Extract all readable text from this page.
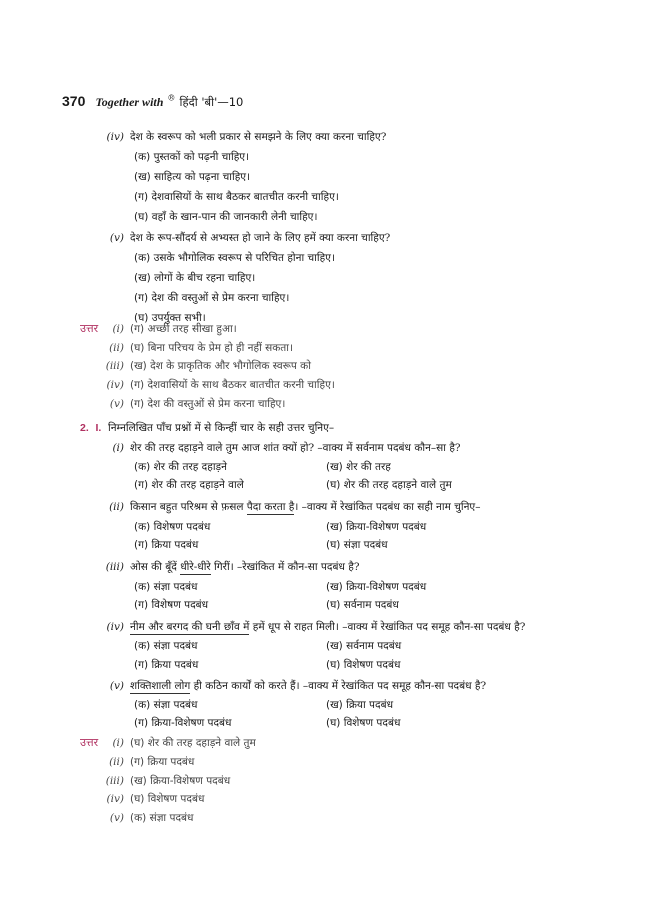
370 Together with ® हिंदी 'बी'—10
(iv) देश के स्वरूप को भली प्रकार से समझने के लिए क्या करना चाहिए?
(क) पुस्तकों को पढ़नी चाहिए।
(ख) साहित्य को पढ़ना चाहिए।
(ग) देशवासियों के साथ बैठकर बातचीत करनी चाहिए।
(घ) वहाँ के खान-पान की जानकारी लेनी चाहिए।
(v) देश के रूप-सौंदर्य से अभ्यस्त हो जाने के लिए हमें क्या करना चाहिए?
(क) उसके भौगोलिक स्वरूप से परिचित होना चाहिए।
(ख) लोगों के बीच रहना चाहिए।
(ग) देश की वस्तुओं से प्रेम करना चाहिए।
(घ) उपर्युक्त सभी।
उत्तर	(i) (ग) अच्छी तरह सीखा हुआ।
(ii) (घ) बिना परिचय के प्रेम हो ही नहीं सकता।
(iii) (ख) देश के प्राकृतिक और भौगोलिक स्वरूप को
(iv) (ग) देशवासियों के साथ बैठकर बातचीत करनी चाहिए।
(v) (ग) देश की वस्तुओं से प्रेम करना चाहिए।
2. I. निम्नलिखित पाँच प्रश्नों में से किन्हीं चार के सही उत्तर चुनिए–
(i) शेर की तरह दहाड़ने वाले तुम आज शांत क्यों हो? –वाक्य में सर्वनाम पदबंध कौन–सा है?
(क) शेर की तरह दहाड़ने	(ख) शेर की तरह
(ग) शेर की तरह दहाड़ने वाले	(घ) शेर की तरह दहाड़ने वाले तुम
(ii) किसान बहुत परिश्रम से फ़सल पैदा करता है। –वाक्य में रेखांकित पदबंध का सही नाम चुनिए–
(क) विशेषण पदबंध	(ख) क्रिया-विशेषण पदबंध
(ग) क्रिया पदबंध	(घ) संज्ञा पदबंध
(iii) ओस की बूँदें धीरे-धीरे गिरीं। –रेखांकित में कौन-सा पदबंध है?
(क) संज्ञा पदबंध	(ख) क्रिया-विशेषण पदबंध
(ग) विशेषण पदबंध	(घ) सर्वनाम पदबंध
(iv) नीम और बरगद की घनी छाँव में हमें धूप से राहत मिली। –वाक्य में रेखांकित पद समूह कौन-सा पदबंध है?
(क) संज्ञा पदबंध	(ख) सर्वनाम पदबंध
(ग) क्रिया पदबंध	(घ) विशेषण पदबंध
(v) शक्तिशाली लोग ही कठिन कार्यों को करते हैं। –वाक्य में रेखांकित पद समूह कौन-सा पदबंध है?
(क) संज्ञा पदबंध	(ख) क्रिया पदबंध
(ग) क्रिया-विशेषण पदबंध	(घ) विशेषण पदबंध
उत्तर	(i) (घ) शेर की तरह दहाड़ने वाले तुम
(ii) (ग) क्रिया पदबंध
(iii) (ख) क्रिया-विशेषण पदबंध
(iv) (घ) विशेषण पदबंध
(v) (क) संज्ञा पदबंध
